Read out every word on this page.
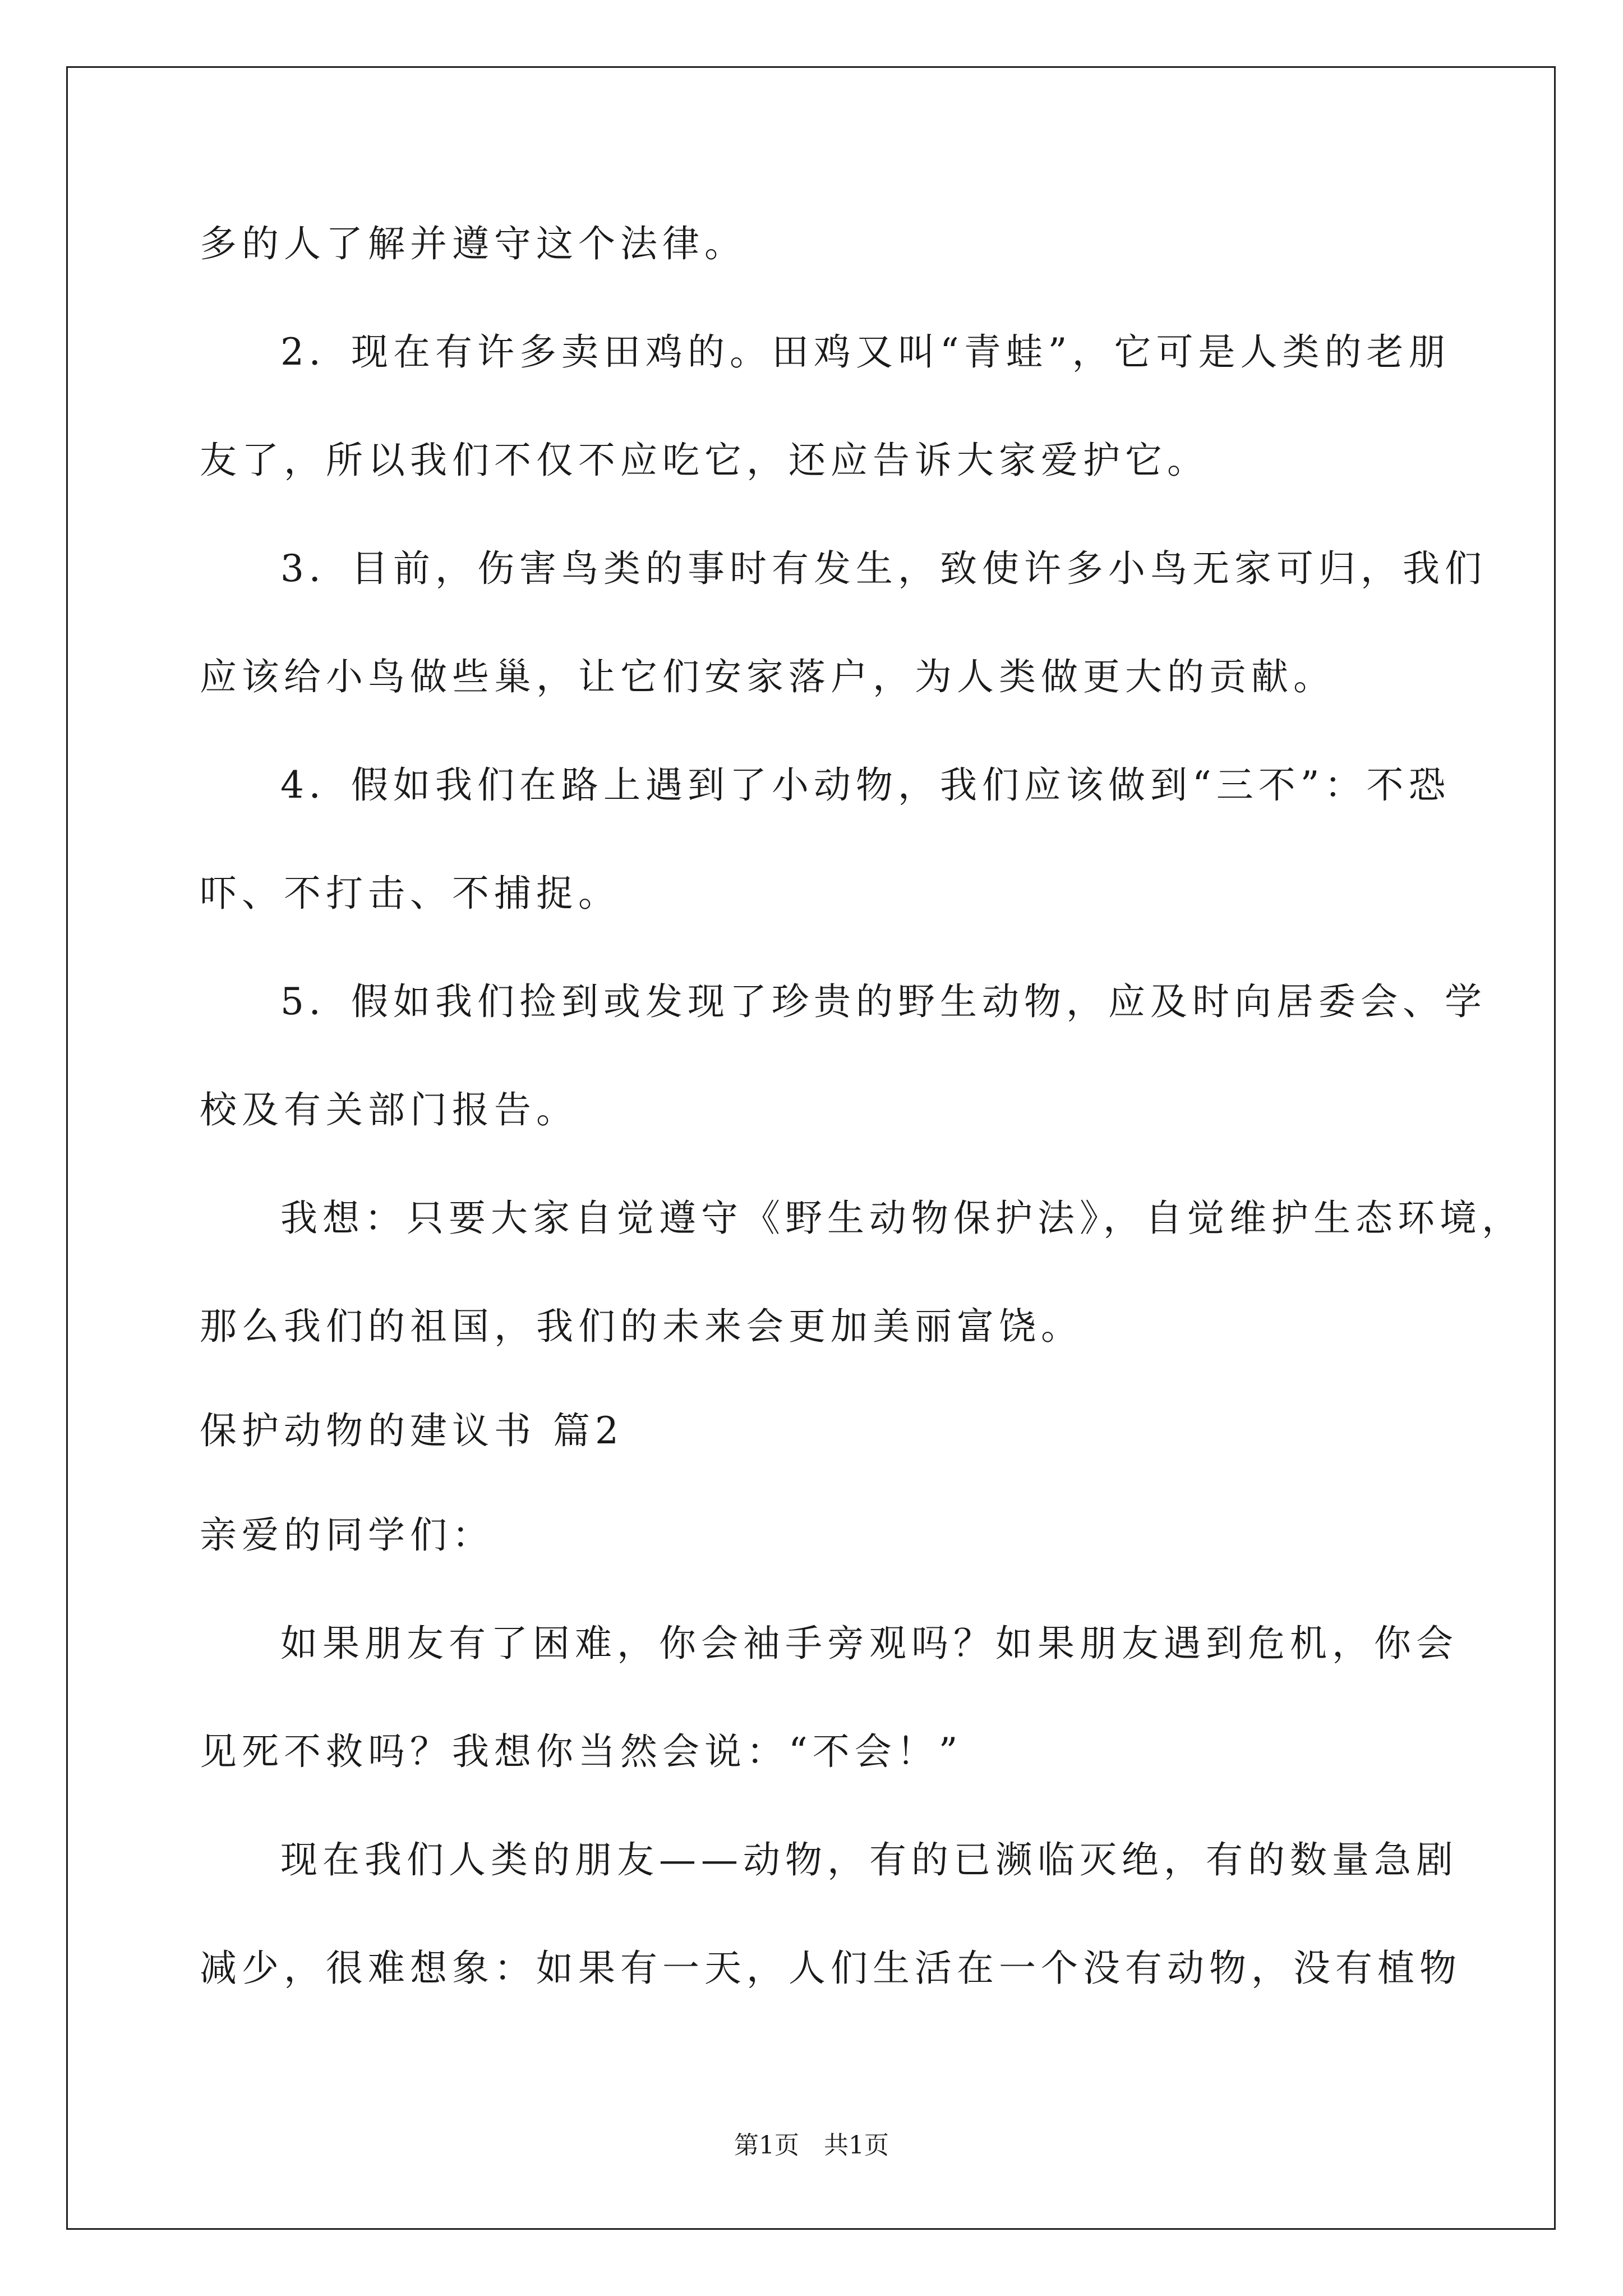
多的人了解并遵守这个法律。
2．现在有许多卖田鸡的。田鸡又叫“青蛙”，它可是人类的老朋
友了，所以我们不仅不应吃它，还应告诉大家爱护它。
3．目前，伤害鸟类的事时有发生，致使许多小鸟无家可归，我们
应该给小鸟做些巢，让它们安家落户，为人类做更大的贡献。
4．假如我们在路上遇到了小动物，我们应该做到“三不”：不恐
吓、不打击、不捕捉。
5．假如我们捡到或发现了珍贵的野生动物，应及时向居委会、学
校及有关部门报告。
我想：只要大家自觉遵守《野生动物保护法》，自觉维护生态环境，
那么我们的祖国，我们的未来会更加美丽富饶。
保护动物的建议书 篇2
亲爱的同学们：
如果朋友有了困难，你会袖手旁观吗？如果朋友遇到危机，你会
见死不救吗？我想你当然会说：“不会！”
现在我们人类的朋友——动物，有的已濒临灭绝，有的数量急剧
减少，很难想象：如果有一天，人们生活在一个没有动物，没有植物
第1页　共1页
